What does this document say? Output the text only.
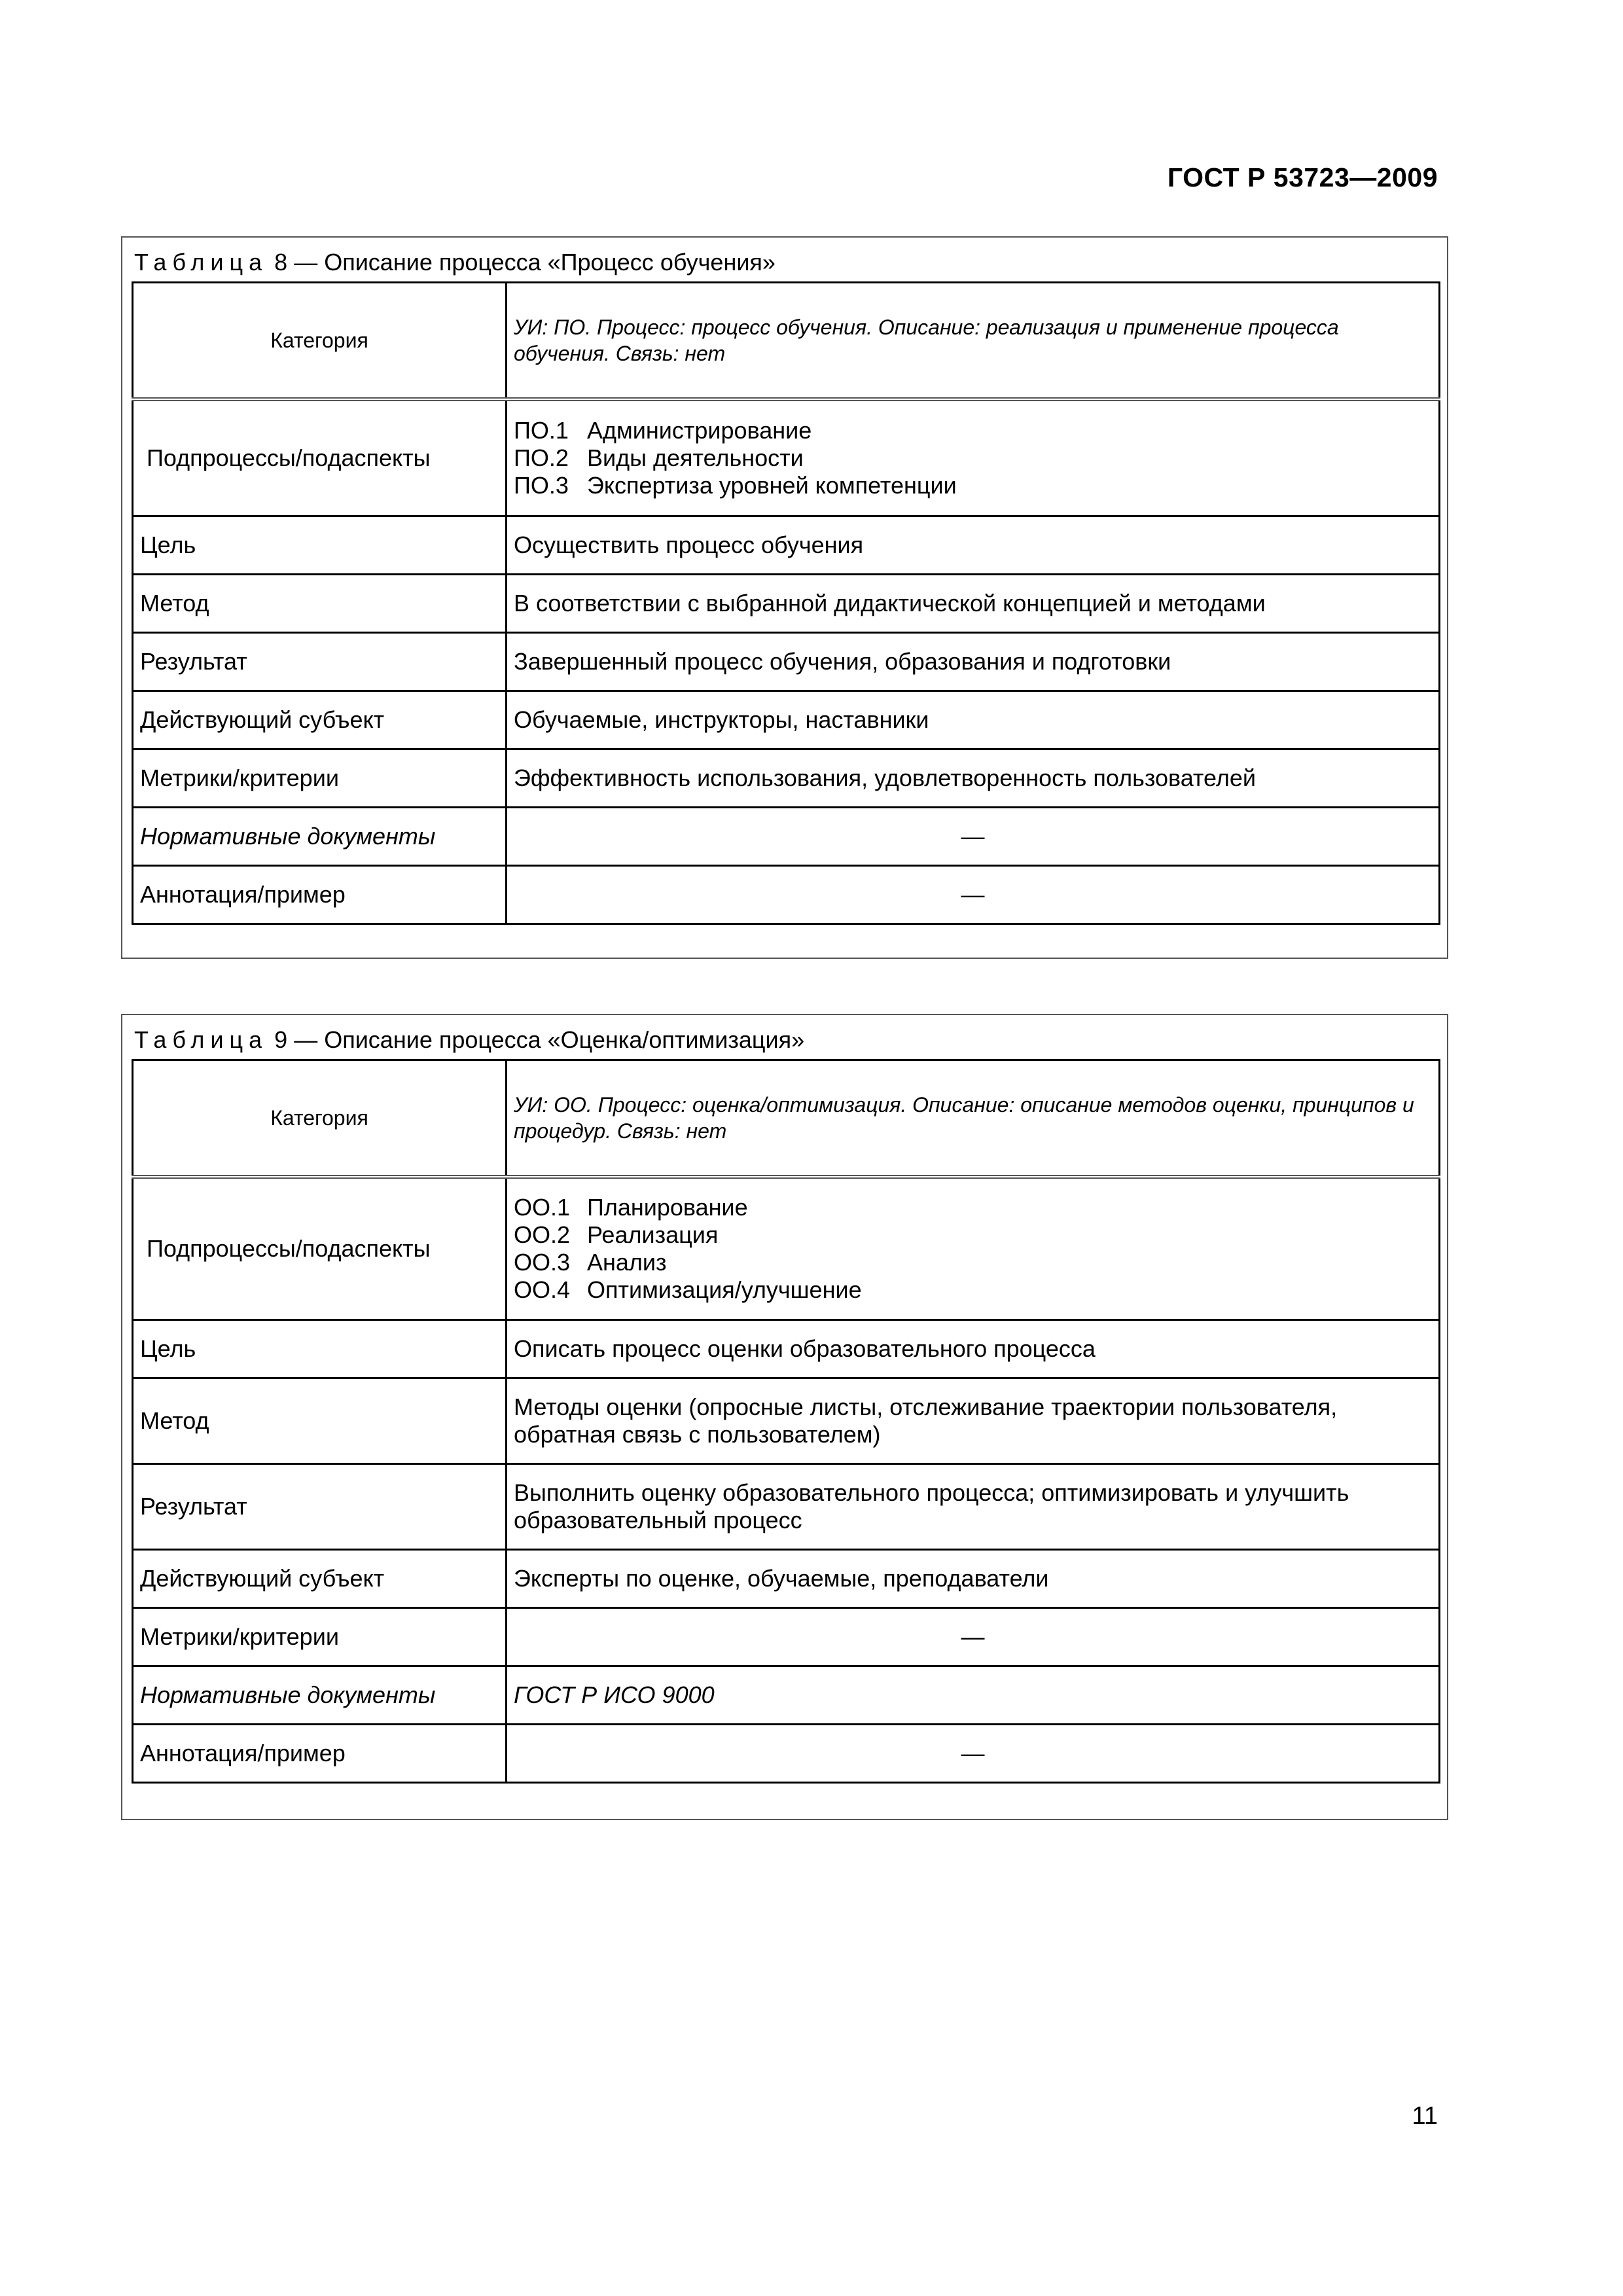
ГОСТ Р 53723—2009
Таблица 8 — Описание процесса «Процесс обучения»
Категория	УИ: ПО. Процесс: процесс обучения. Описание: реализация и применение процесса обучения. Связь: нет
Подпроцессы/подаспекты	ПО.1 Администрирование
ПО.2 Виды деятельности
ПО.3 Экспертиза уровней компетенции

Цель	Осуществить процесс обучения
Метод	В соответствии с выбранной дидактической концепцией и методами
Результат	Завершенный процесс обучения, образования и подготовки
Действующий субъект	Обучаемые, инструкторы, наставники
Метрики/критерии	Эффективность использования, удовлетворенность пользователей
Нормативные документы	—
Аннотация/пример	—
Таблица 9 — Описание процесса «Оценка/оптимизация»
Категория	УИ: ОО. Процесс: оценка/оптимизация. Описание: описание методов оценки, принципов и процедур. Связь: нет
Подпроцессы/подаспекты	ОО.1 Планирование
ОО.2 Реализация
ОО.3 Анализ
ОО.4 Оптимизация/улучшение

Цель	Описать процесс оценки образовательного процесса
Метод	Методы оценки (опросные листы, отслеживание траектории пользователя, обратная связь с пользователем)
Результат	Выполнить оценку образовательного процесса; оптимизировать и улучшить образовательный процесс
Действующий субъект	Эксперты по оценке, обучаемые, преподаватели
Метрики/критерии	—
Нормативные документы	ГОСТ Р ИСО 9000
Аннотация/пример	—
11
